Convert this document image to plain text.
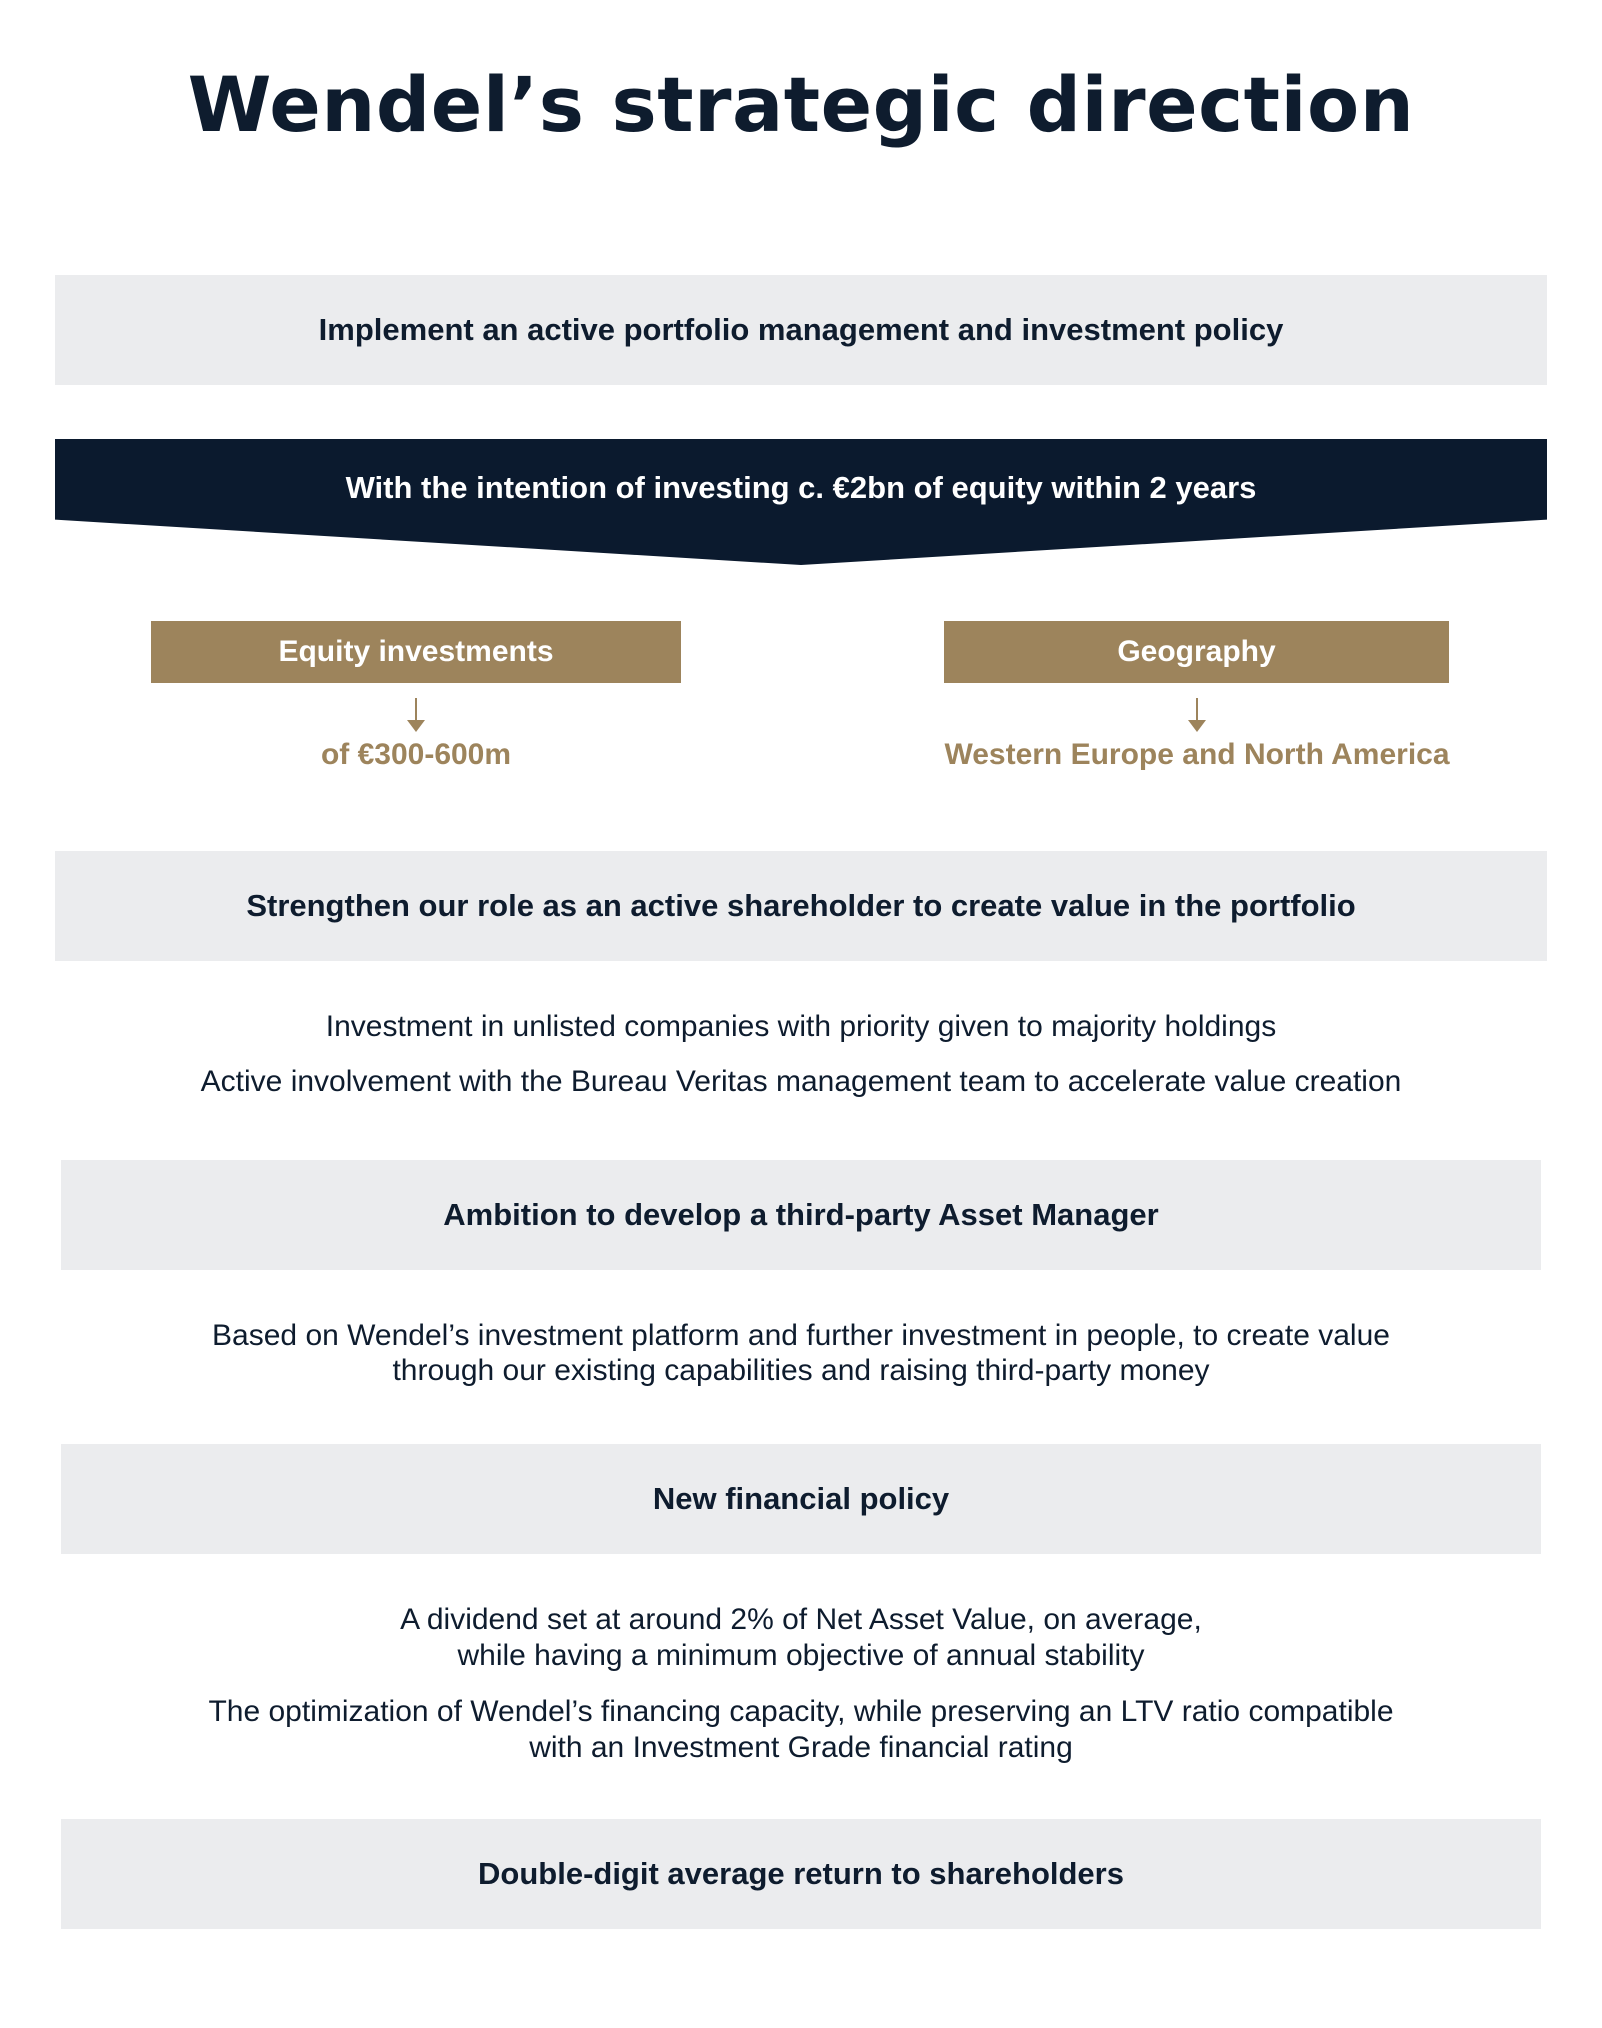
Wendel’s strategic direction
Implement an active portfolio management and investment policy
With the intention of investing c. €2bn of equity within 2 years
Equity investments
of €300-600m
Geography
Western Europe and North America
Strengthen our role as an active shareholder to create value in the portfolio
Investment in unlisted companies with priority given to majority holdings
Active involvement with the Bureau Veritas management team to accelerate value creation
Ambition to develop a third-party Asset Manager
Based on Wendel’s investment platform and further investment in people, to create value
through our existing capabilities and raising third-party money
New financial policy
A dividend set at around 2% of Net Asset Value, on average,
while having a minimum objective of annual stability
The optimization of Wendel’s financing capacity, while preserving an LTV ratio compatible
with an Investment Grade financial rating
Double-digit average return to shareholders
